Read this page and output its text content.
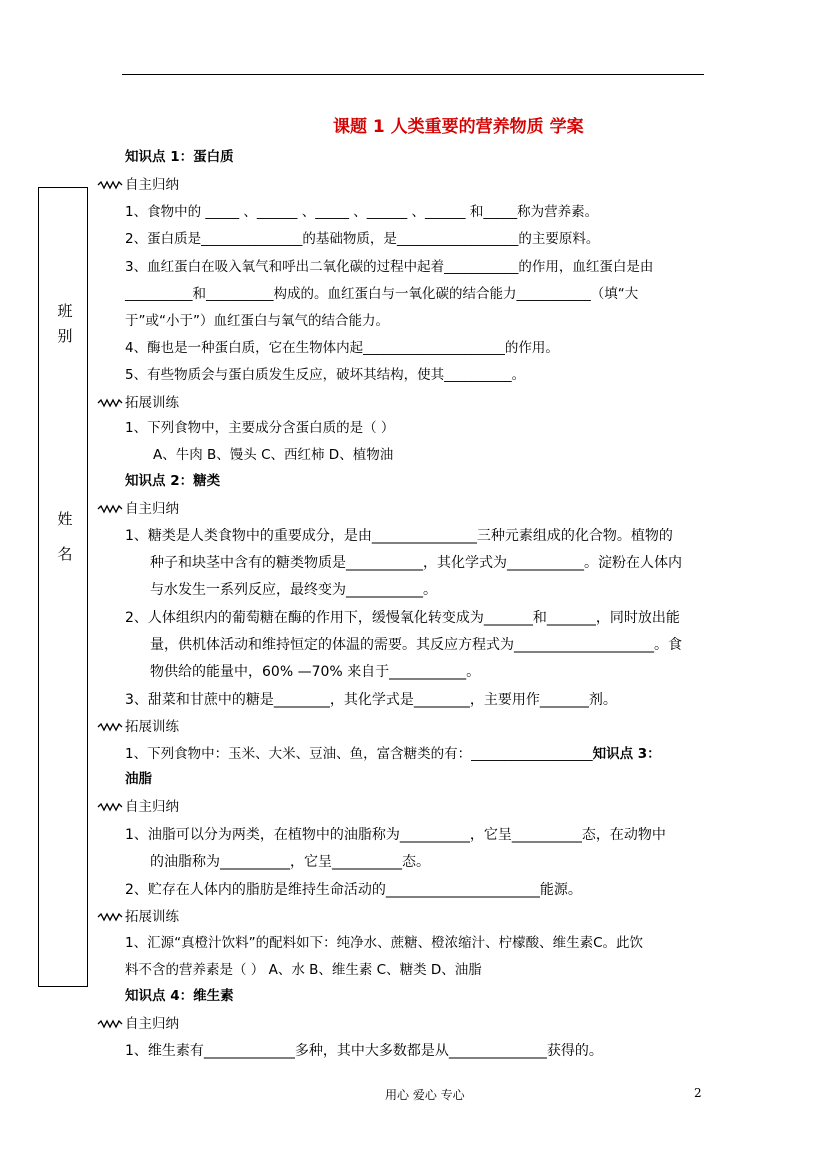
课题 1 人类重要的营养物质 学案
班
别
姓
名
知识点 1：蛋白质
自主归纳
1、食物中的 _____ 、______ 、_____ 、______ 、______ 和_____称为营养素。
2、蛋白质是_______________的基础物质，是__________________的主要原料。
3、血红蛋白在吸入氧气和呼出二氧化碳的过程中起着___________的作用，血红蛋白是由
__________和__________构成的。血红蛋白与一氧化碳的结合能力___________（填“大
于”或“小于”）血红蛋白与氧气的结合能力。
4、酶也是一种蛋白质，它在生物体内起_____________________的作用。
5、有些物质会与蛋白质发生反应，破坏其结构，使其__________。
拓展训练
1、下列食物中，主要成分含蛋白质的是（ ）
A、牛肉 B、馒头 C、西红柿 D、植物油
知识点 2：糖类
自主归纳
1、糖类是人类食物中的重要成分，是由_______________三种元素组成的化合物。植物的
种子和块茎中含有的糖类物质是___________，其化学式为___________。淀粉在人体内
与水发生一系列反应，最终变为___________。
2、人体组织内的葡萄糖在酶的作用下，缓慢氧化转变成为_______和_______，同时放出能
量，供机体活动和维持恒定的体温的需要。其反应方程式为____________________。食
物供给的能量中，60% —70% 来自于___________。
3、甜菜和甘蔗中的糖是________，其化学式是________，主要用作_______剂。
拓展训练
1、下列食物中：玉米、大米、豆油、鱼，富含糖类的有：__________________知识点 3：
油脂
自主归纳
1、油脂可以分为两类，在植物中的油脂称为__________，它呈__________态，在动物中
的油脂称为__________，它呈__________态。
2、贮存在人体内的脂肪是维持生命活动的______________________能源。
拓展训练
1、汇源“真橙汁饮料”的配料如下：纯净水、蔗糖、橙浓缩汁、柠檬酸、维生素C。此饮
料不含的营养素是（ ） A、水 B、维生素 C、糖类 D、油脂
知识点 4：维生素
自主归纳
1、维生素有_____________多种，其中大多数都是从______________获得的。
用心 爱心 专心	2
